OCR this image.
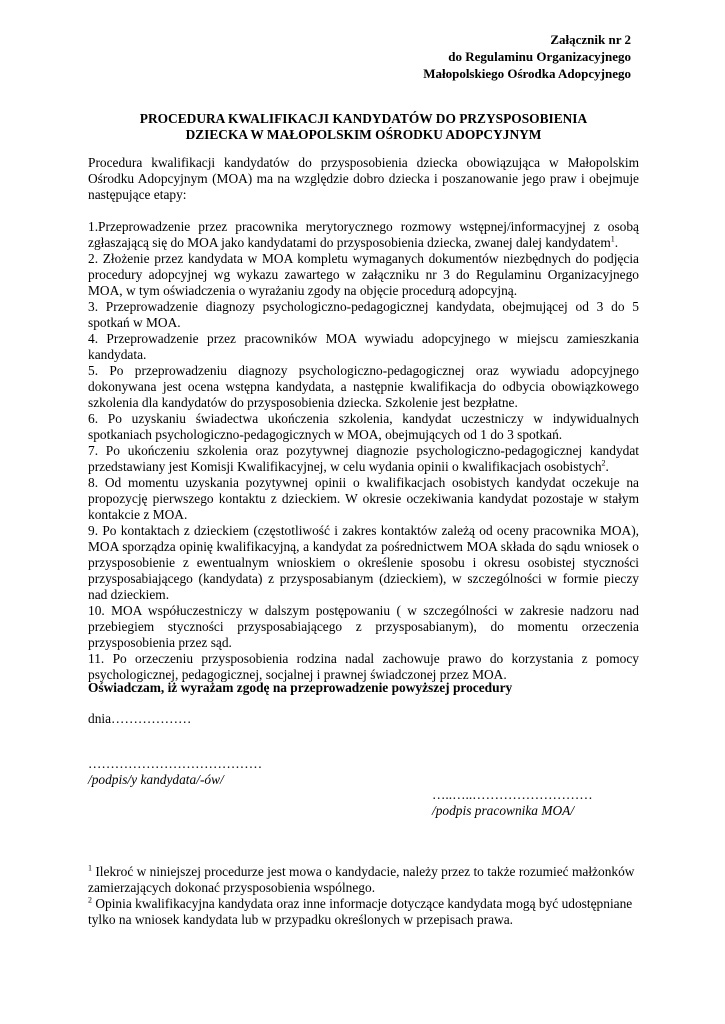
Załącznik nr 2
do Regulaminu Organizacyjnego
Małopolskiego Ośrodka Adopcyjnego
PROCEDURA KWALIFIKACJI KANDYDATÓW DO PRZYSPOSOBIENIA
DZIECKA W MAŁOPOLSKIM OŚRODKU ADOPCYJNYM
Procedura kwalifikacji kandydatów do przysposobienia dziecka obowiązująca w Małopolskim Ośrodku Adopcyjnym (MOA) ma na względzie dobro dziecka i poszanowanie jego praw i obejmuje następujące etapy:

1.Przeprowadzenie przez pracownika merytorycznego rozmowy wstępnej/informacyjnej z osobą zgłaszającą się do MOA jako kandydatami do przysposobienia dziecka, zwanej dalej kandydatem$^1$.

2. Złożenie przez kandydata w MOA kompletu wymaganych dokumentów niezbędnych do podjęcia procedury adopcyjnej wg wykazu zawartego w załączniku nr 3 do Regulaminu Organizacyjnego MOA, w tym oświadczenia o wyrażaniu zgody na objęcie procedurą adopcyjną.

3. Przeprowadzenie diagnozy psychologiczno-pedagogicznej kandydata, obejmującej od 3 do 5 spotkań w MOA.

4. Przeprowadzenie przez pracowników MOA wywiadu adopcyjnego w miejscu zamieszkania kandydata.

5. Po przeprowadzeniu diagnozy psychologiczno-pedagogicznej oraz wywiadu adopcyjnego dokonywana jest ocena wstępna kandydata, a następnie kwalifikacja do odbycia obowiązkowego szkolenia dla kandydatów do przysposobienia dziecka. Szkolenie jest bezpłatne.

6. Po uzyskaniu świadectwa ukończenia szkolenia, kandydat uczestniczy w indywidualnych spotkaniach psychologiczno-pedagogicznych w MOA, obejmujących od 1 do 3 spotkań.

7. Po ukończeniu szkolenia oraz pozytywnej diagnozie psychologiczno-pedagogicznej kandydat przedstawiany jest Komisji Kwalifikacyjnej, w celu wydania opinii o kwalifikacjach osobistych$^2$.

8. Od momentu uzyskania pozytywnej opinii o kwalifikacjach osobistych kandydat oczekuje na propozycję pierwszego kontaktu z dzieckiem. W okresie oczekiwania kandydat pozostaje w stałym kontakcie z MOA.

9. Po kontaktach z dzieckiem (częstotliwość i zakres kontaktów zależą od oceny pracownika MOA), MOA sporządza opinię kwalifikacyjną, a kandydat za pośrednictwem MOA składa do sądu wniosek o przysposobienie z ewentualnym wnioskiem o określenie sposobu i okresu osobistej styczności przysposabiającego (kandydata) z przysposabianym (dzieckiem), w szczególności w formie pieczy nad dzieckiem.

10. MOA współuczestniczy w dalszym postępowaniu ( w szczególności w zakresie nadzoru nad przebiegiem styczności przysposabiającego z przysposabianym), do momentu orzeczenia przysposobienia przez sąd.

11. Po orzeczeniu przysposobienia rodzina nadal zachowuje prawo do korzystania z pomocy psychologicznej, pedagogicznej, socjalnej i prawnej świadczonej przez MOA.

Oświadczam, iż wyrażam zgodę na przeprowadzenie powyższej procedury
dnia………………
…………………………………
/podpis/y kandydata/-ów/
…..…..………………………
/podpis pracownika MOA/

$^1$ Ilekroć w niniejszej procedurze jest mowa o kandydacie, należy przez to także rozumieć małżonków zamierzających dokonać przysposobienia wspólnego.

$^2$ Opinia kwalifikacyjna kandydata oraz inne informacje dotyczące kandydata mogą być udostępniane tylko na wniosek kandydata lub w przypadku określonych w przepisach prawa.
